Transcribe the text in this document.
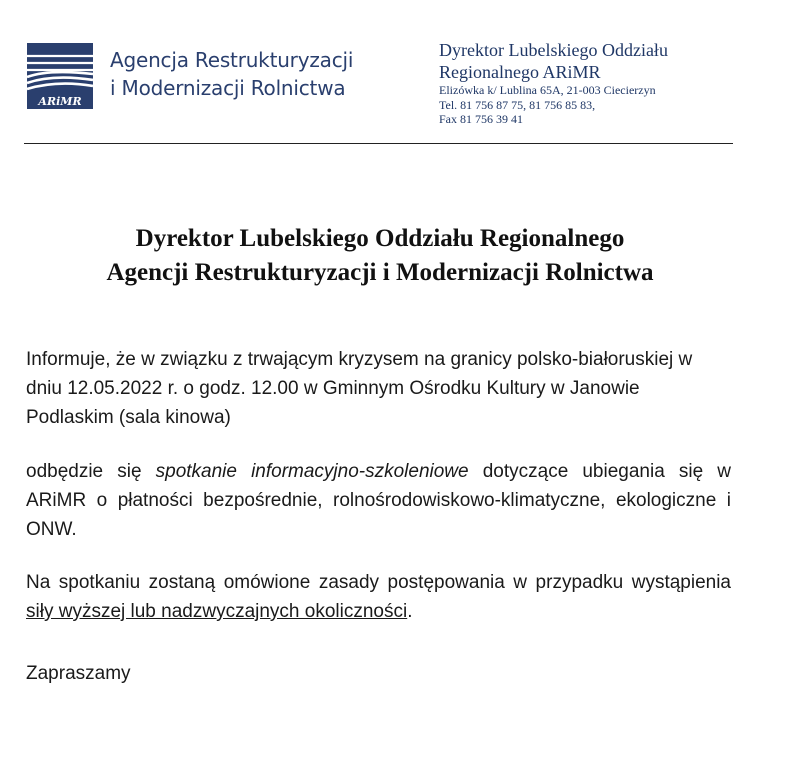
ARiMR
Agencja Restrukturyzacji
i Modernizacji Rolnictwa
Dyrektor Lubelskiego Oddziału
Regionalnego ARiMR
Elizówka k/ Lublina 65A, 21-003 Ciecierzyn
Tel. 81 756 87 75, 81 756 85 83,
Fax 81 756 39 41
Dyrektor Lubelskiego Oddziału Regionalnego
Agencji Restrukturyzacji i Modernizacji Rolnictwa
Informuje, że w związku z trwającym kryzysem na granicy polsko-białoruskiej w dniu 12.05.2022 r. o godz. 12.00 w Gminnym Ośrodku Kultury w Janowie Podlaskim (sala kinowa)
odbędzie się spotkanie informacyjno-szkoleniowe dotyczące ubiegania się w ARiMR o płatności bezpośrednie, rolnośrodowiskowo-klimatyczne, ekologiczne i ONW.
Na spotkaniu zostaną omówione zasady postępowania w przypadku wystąpienia siły wyższej lub nadzwyczajnych okoliczności.
Zapraszamy
